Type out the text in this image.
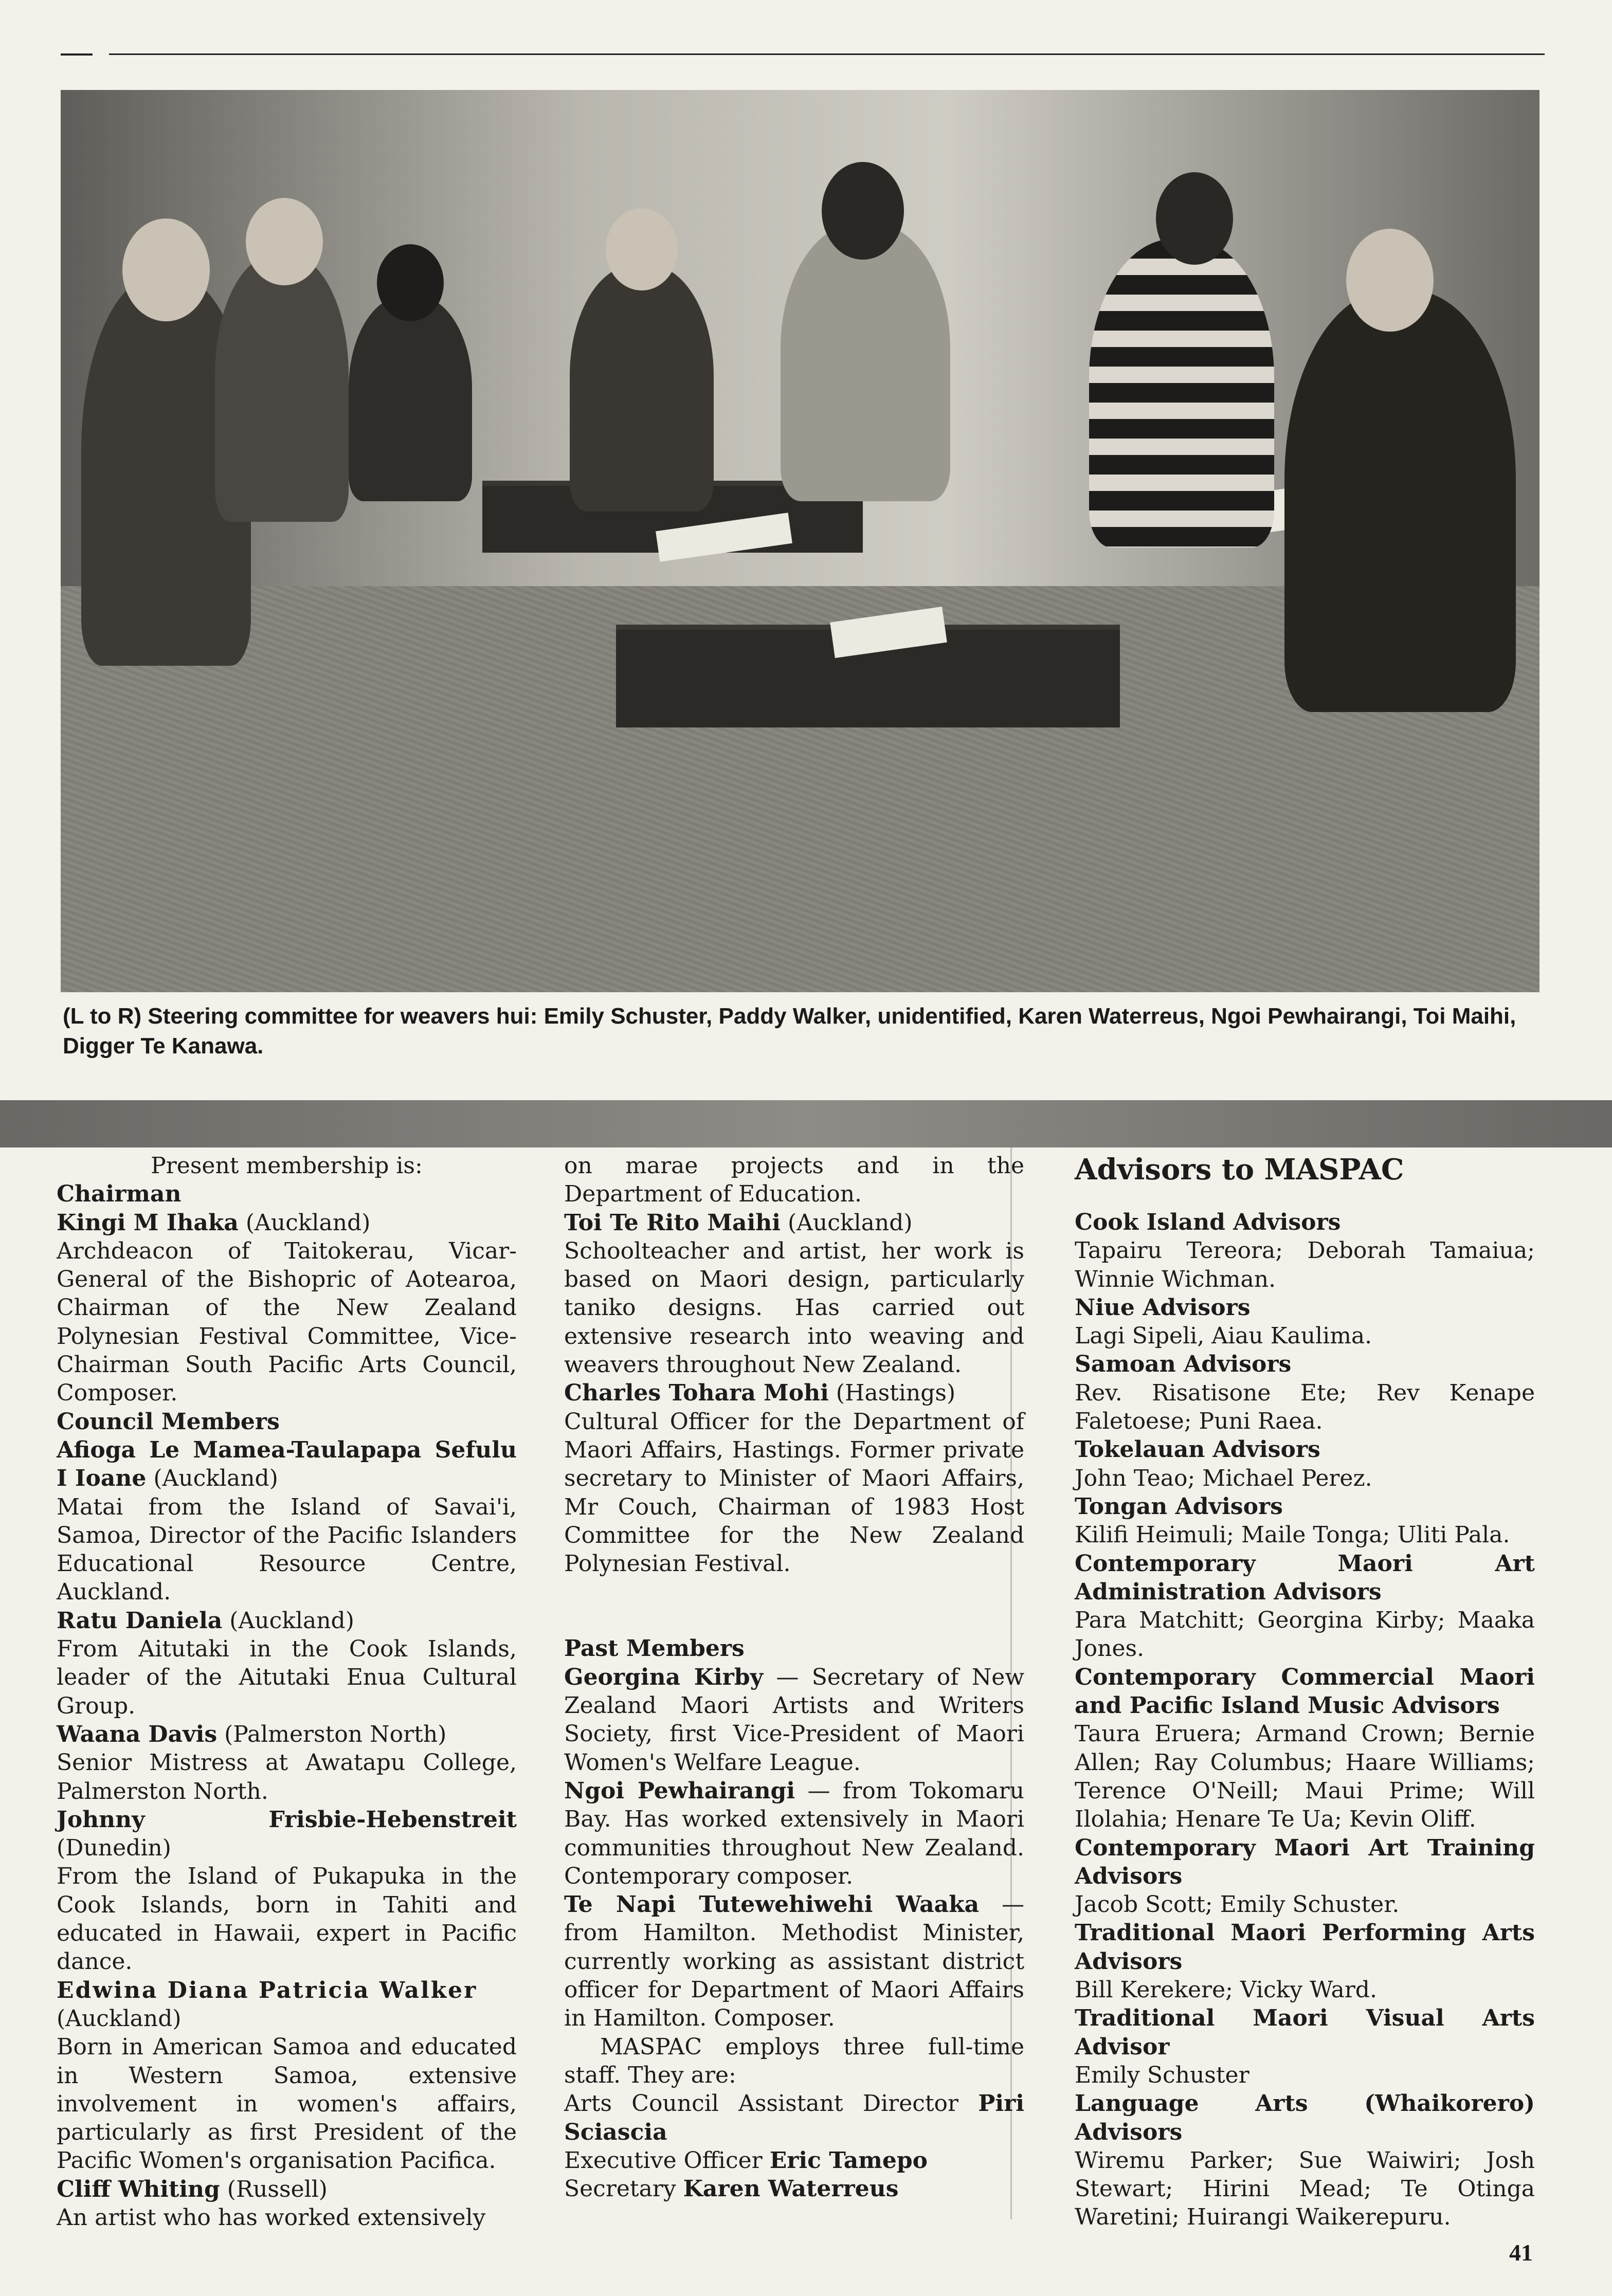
(L to R) Steering committee for weavers hui: Emily Schuster, Paddy Walker, unidentified, Karen Waterreus, Ngoi Pewhairangi, Toi Maihi, Digger Te Kanawa.

Present membership is:

Chairman

Kingi M Ihaka (Auckland)

Archdeacon of Taitokerau, Vicar-General of the Bishopric of Aotearoa, Chairman of the New Zealand Polynesian Festival Committee, Vice-Chairman South Pacific Arts Council, Composer.

Council Members

Afioga Le Mamea-Taulapapa Sefulu I Ioane (Auckland)

Matai from the Island of Savai'i, Samoa, Director of the Pacific Islanders Educational Resource Centre, Auckland.

Ratu Daniela (Auckland)

From Aitutaki in the Cook Islands, leader of the Aitutaki Enua Cultural Group.

Waana Davis (Palmerston North)

Senior Mistress at Awatapu College, Palmerston North.

Johnny Frisbie-Hebenstreit (Dunedin)

From the Island of Pukapuka in the Cook Islands, born in Tahiti and educated in Hawaii, expert in Pacific dance.

Edwina Diana Patricia Walker

(Auckland)

Born in American Samoa and educated in Western Samoa, extensive involvement in women's affairs, particularly as first President of the Pacific Women's organisation Pacifica.

Cliff Whiting (Russell)

An artist who has worked extensively

on marae projects and in the Department of Education.

Toi Te Rito Maihi (Auckland)

Schoolteacher and artist, her work is based on Maori design, particularly taniko designs. Has carried out extensive research into weaving and weavers throughout New Zealand.

Charles Tohara Mohi (Hastings)

Cultural Officer for the Department of Maori Affairs, Hastings. Former private secretary to Minister of Maori Affairs, Mr Couch, Chairman of 1983 Host Committee for the New Zealand Polynesian Festival.

Past Members

Georgina Kirby — Secretary of New Zealand Maori Artists and Writers Society, first Vice-President of Maori Women's Welfare League.

Ngoi Pewhairangi — from Tokomaru Bay. Has worked extensively in Maori communities throughout New Zealand. Contemporary composer.

Te Napi Tutewehiwehi Waaka — from Hamilton. Methodist Minister, currently working as assistant district officer for Department of Maori Affairs in Hamilton. Composer.

MASPAC employs three full-time staff. They are:

Arts Council Assistant Director Piri Sciascia

Executive Officer Eric Tamepo

Secretary Karen Waterreus

Advisors to MASPAC

Cook Island Advisors

Tapairu Tereora; Deborah Tamaiua; Winnie Wichman.

Niue Advisors

Lagi Sipeli, Aiau Kaulima.

Samoan Advisors

Rev. Risatisone Ete; Rev Kenape Faletoese; Puni Raea.

Tokelauan Advisors

John Teao; Michael Perez.

Tongan Advisors

Kilifi Heimuli; Maile Tonga; Uliti Pala.

Contemporary Maori Art Administration Advisors

Para Matchitt; Georgina Kirby; Maaka Jones.

Contemporary Commercial Maori and Pacific Island Music Advisors

Taura Eruera; Armand Crown; Bernie Allen; Ray Columbus; Haare Williams; Terence O'Neill; Maui Prime; Will Ilolahia; Henare Te Ua; Kevin Oliff.

Contemporary Maori Art Training Advisors

Jacob Scott; Emily Schuster.

Traditional Maori Performing Arts Advisors

Bill Kerekere; Vicky Ward.

Traditional Maori Visual Arts Advisor

Emily Schuster

Language Arts (Whaikorero) Advisors

Wiremu Parker; Sue Waiwiri; Josh Stewart; Hirini Mead; Te Otinga Waretini; Huirangi Waikerepuru.

41
